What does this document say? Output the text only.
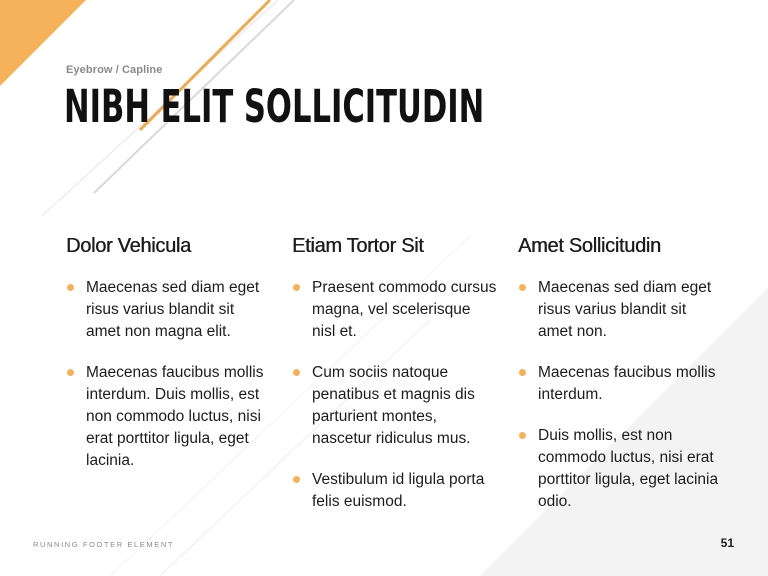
Eyebrow / Capline
NIBH ELIT SOLLICITUDIN
Dolor Vehicula
Maecenas sed diam eget risus varius blandit sit amet non magna elit.
Maecenas faucibus mollis interdum. Duis mollis, est non commodo luctus, nisi erat porttitor ligula, eget lacinia.
Etiam Tortor Sit
Praesent commodo cursus magna, vel scelerisque nisl et.
Cum sociis natoque penatibus et magnis dis parturient montes, nascetur ridiculus mus.
Vestibulum id ligula porta felis euismod.
Amet Sollicitudin
Maecenas sed diam eget risus varius blandit sit amet non.
Maecenas faucibus mollis interdum.
Duis mollis, est non commodo luctus, nisi erat porttitor ligula, eget lacinia odio.
RUNNING FOOTER ELEMENT	51
